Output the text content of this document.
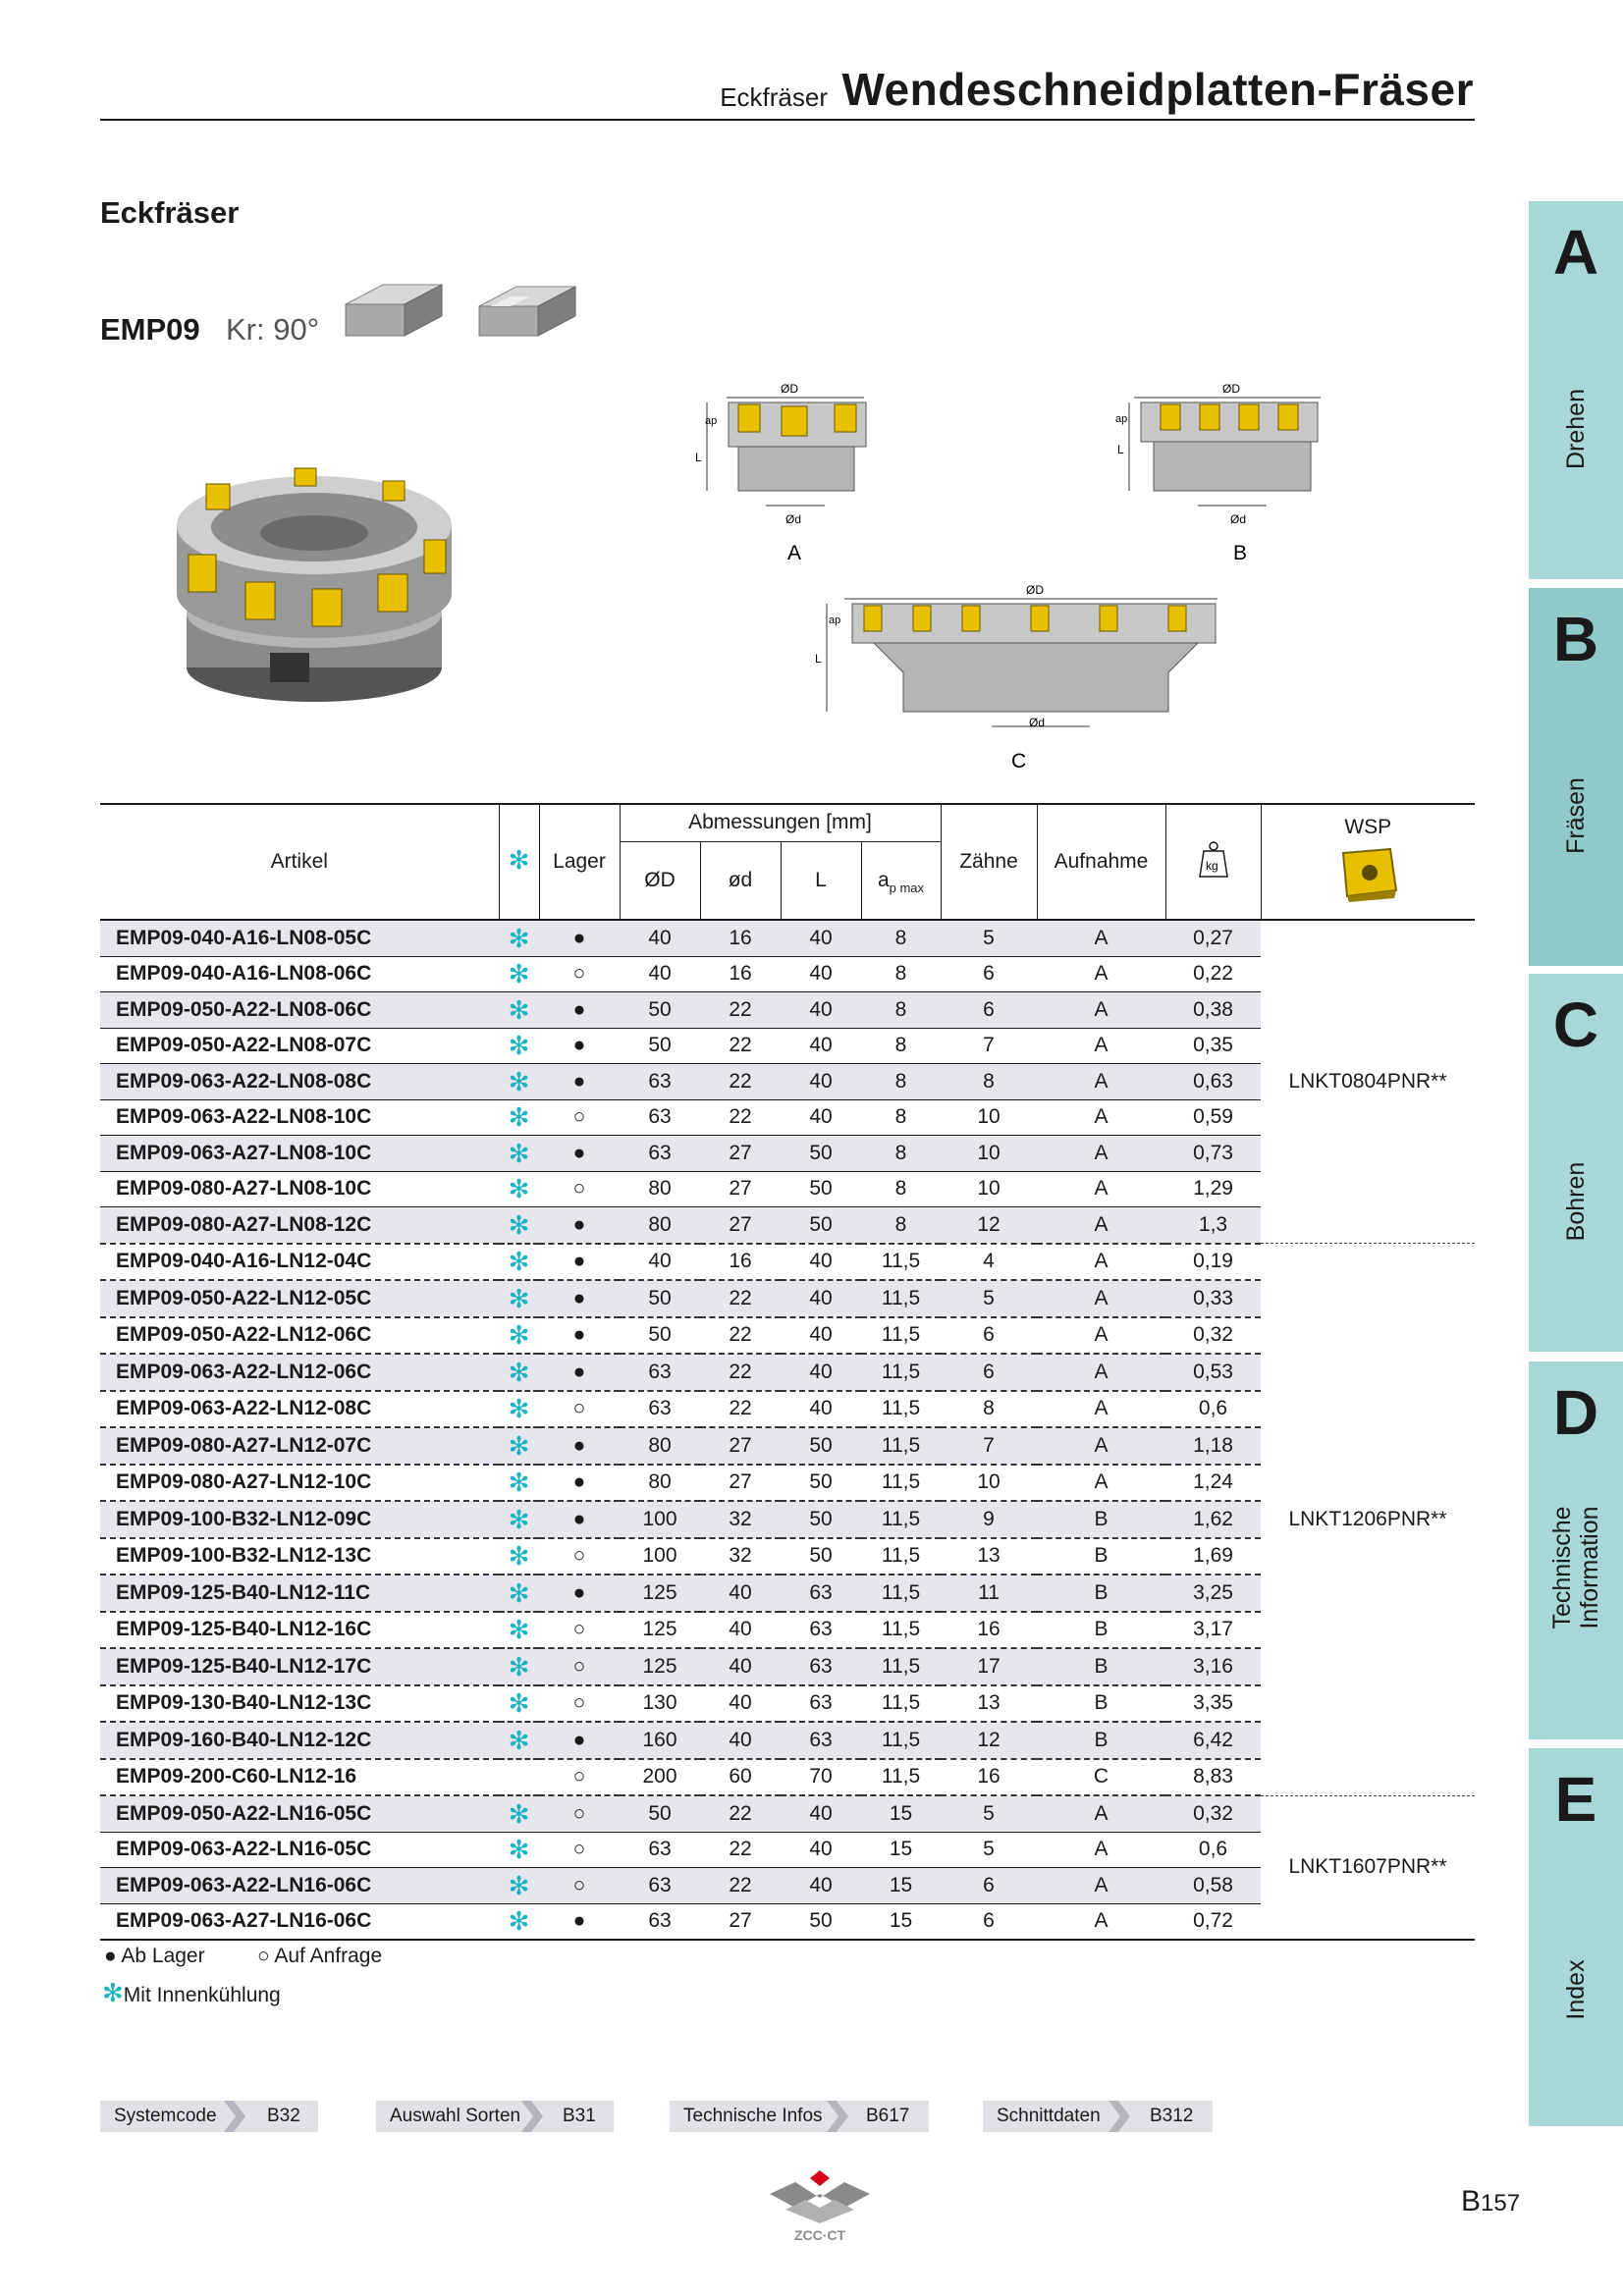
Eckfräser Wendeschneidplatten-Fräser
Eckfräser
EMP09 Kr: 90°
ØD
L
ap
Ød
A
ØD
L
ap
Ød
B
ØD
L
ap
Ød
C
A
Drehen
B
Fräsen
C
Bohren
D
Technische Information
E
Index
Artikel	✻	Lager	Abmessungen [mm]				Zähne	Aufnahme	kg	WSP

			ØD	ød	L	$a_{p max}$
EMP09-040-A16-LN08-05C	✻	●	40	16	40	8	5	A	0,27	LNKT0804PNR**
EMP09-040-A16-LN08-06C	✻	○	40	16	40	8	6	A	0,22	
EMP09-050-A22-LN08-06C	✻	●	50	22	40	8	6	A	0,38	
EMP09-050-A22-LN08-07C	✻	●	50	22	40	8	7	A	0,35	
EMP09-063-A22-LN08-08C	✻	●	63	22	40	8	8	A	0,63	
EMP09-063-A22-LN08-10C	✻	○	63	22	40	8	10	A	0,59	
EMP09-063-A27-LN08-10C	✻	●	63	27	50	8	10	A	0,73	
EMP09-080-A27-LN08-10C	✻	○	80	27	50	8	10	A	1,29	
EMP09-080-A27-LN08-12C	✻	●	80	27	50	8	12	A	1,3	
EMP09-040-A16-LN12-04C	✻	●	40	16	40	11,5	4	A	0,19	LNKT1206PNR**
EMP09-050-A22-LN12-05C	✻	●	50	22	40	11,5	5	A	0,33	
EMP09-050-A22-LN12-06C	✻	●	50	22	40	11,5	6	A	0,32	
EMP09-063-A22-LN12-06C	✻	●	63	22	40	11,5	6	A	0,53	
EMP09-063-A22-LN12-08C	✻	○	63	22	40	11,5	8	A	0,6	
EMP09-080-A27-LN12-07C	✻	●	80	27	50	11,5	7	A	1,18	
EMP09-080-A27-LN12-10C	✻	●	80	27	50	11,5	10	A	1,24	
EMP09-100-B32-LN12-09C	✻	●	100	32	50	11,5	9	B	1,62	
EMP09-100-B32-LN12-13C	✻	○	100	32	50	11,5	13	B	1,69	
EMP09-125-B40-LN12-11C	✻	●	125	40	63	11,5	11	B	3,25	
EMP09-125-B40-LN12-16C	✻	○	125	40	63	11,5	16	B	3,17	
EMP09-125-B40-LN12-17C	✻	○	125	40	63	11,5	17	B	3,16	
EMP09-130-B40-LN12-13C	✻	○	130	40	63	11,5	13	B	3,35	
EMP09-160-B40-LN12-12C	✻	●	160	40	63	11,5	12	B	6,42	
EMP09-200-C60-LN12-16		○	200	60	70	11,5	16	C	8,83	
EMP09-050-A22-LN16-05C	✻	○	50	22	40	15	5	A	0,32	LNKT1607PNR**
EMP09-063-A22-LN16-05C	✻	○	63	22	40	15	5	A	0,6	
EMP09-063-A22-LN16-06C	✻	○	63	22	40	15	6	A	0,58	
EMP09-063-A27-LN16-06C	✻	●	63	27	50	15	6	A	0,72	
● Ab Lager	○ Auf Anfrage
✻Mit Innenkühlung
Systemcode	B32	Auswahl Sorten B31	Technische Infos B617	Schnittdaten	B312
ZCC·CT
B157
